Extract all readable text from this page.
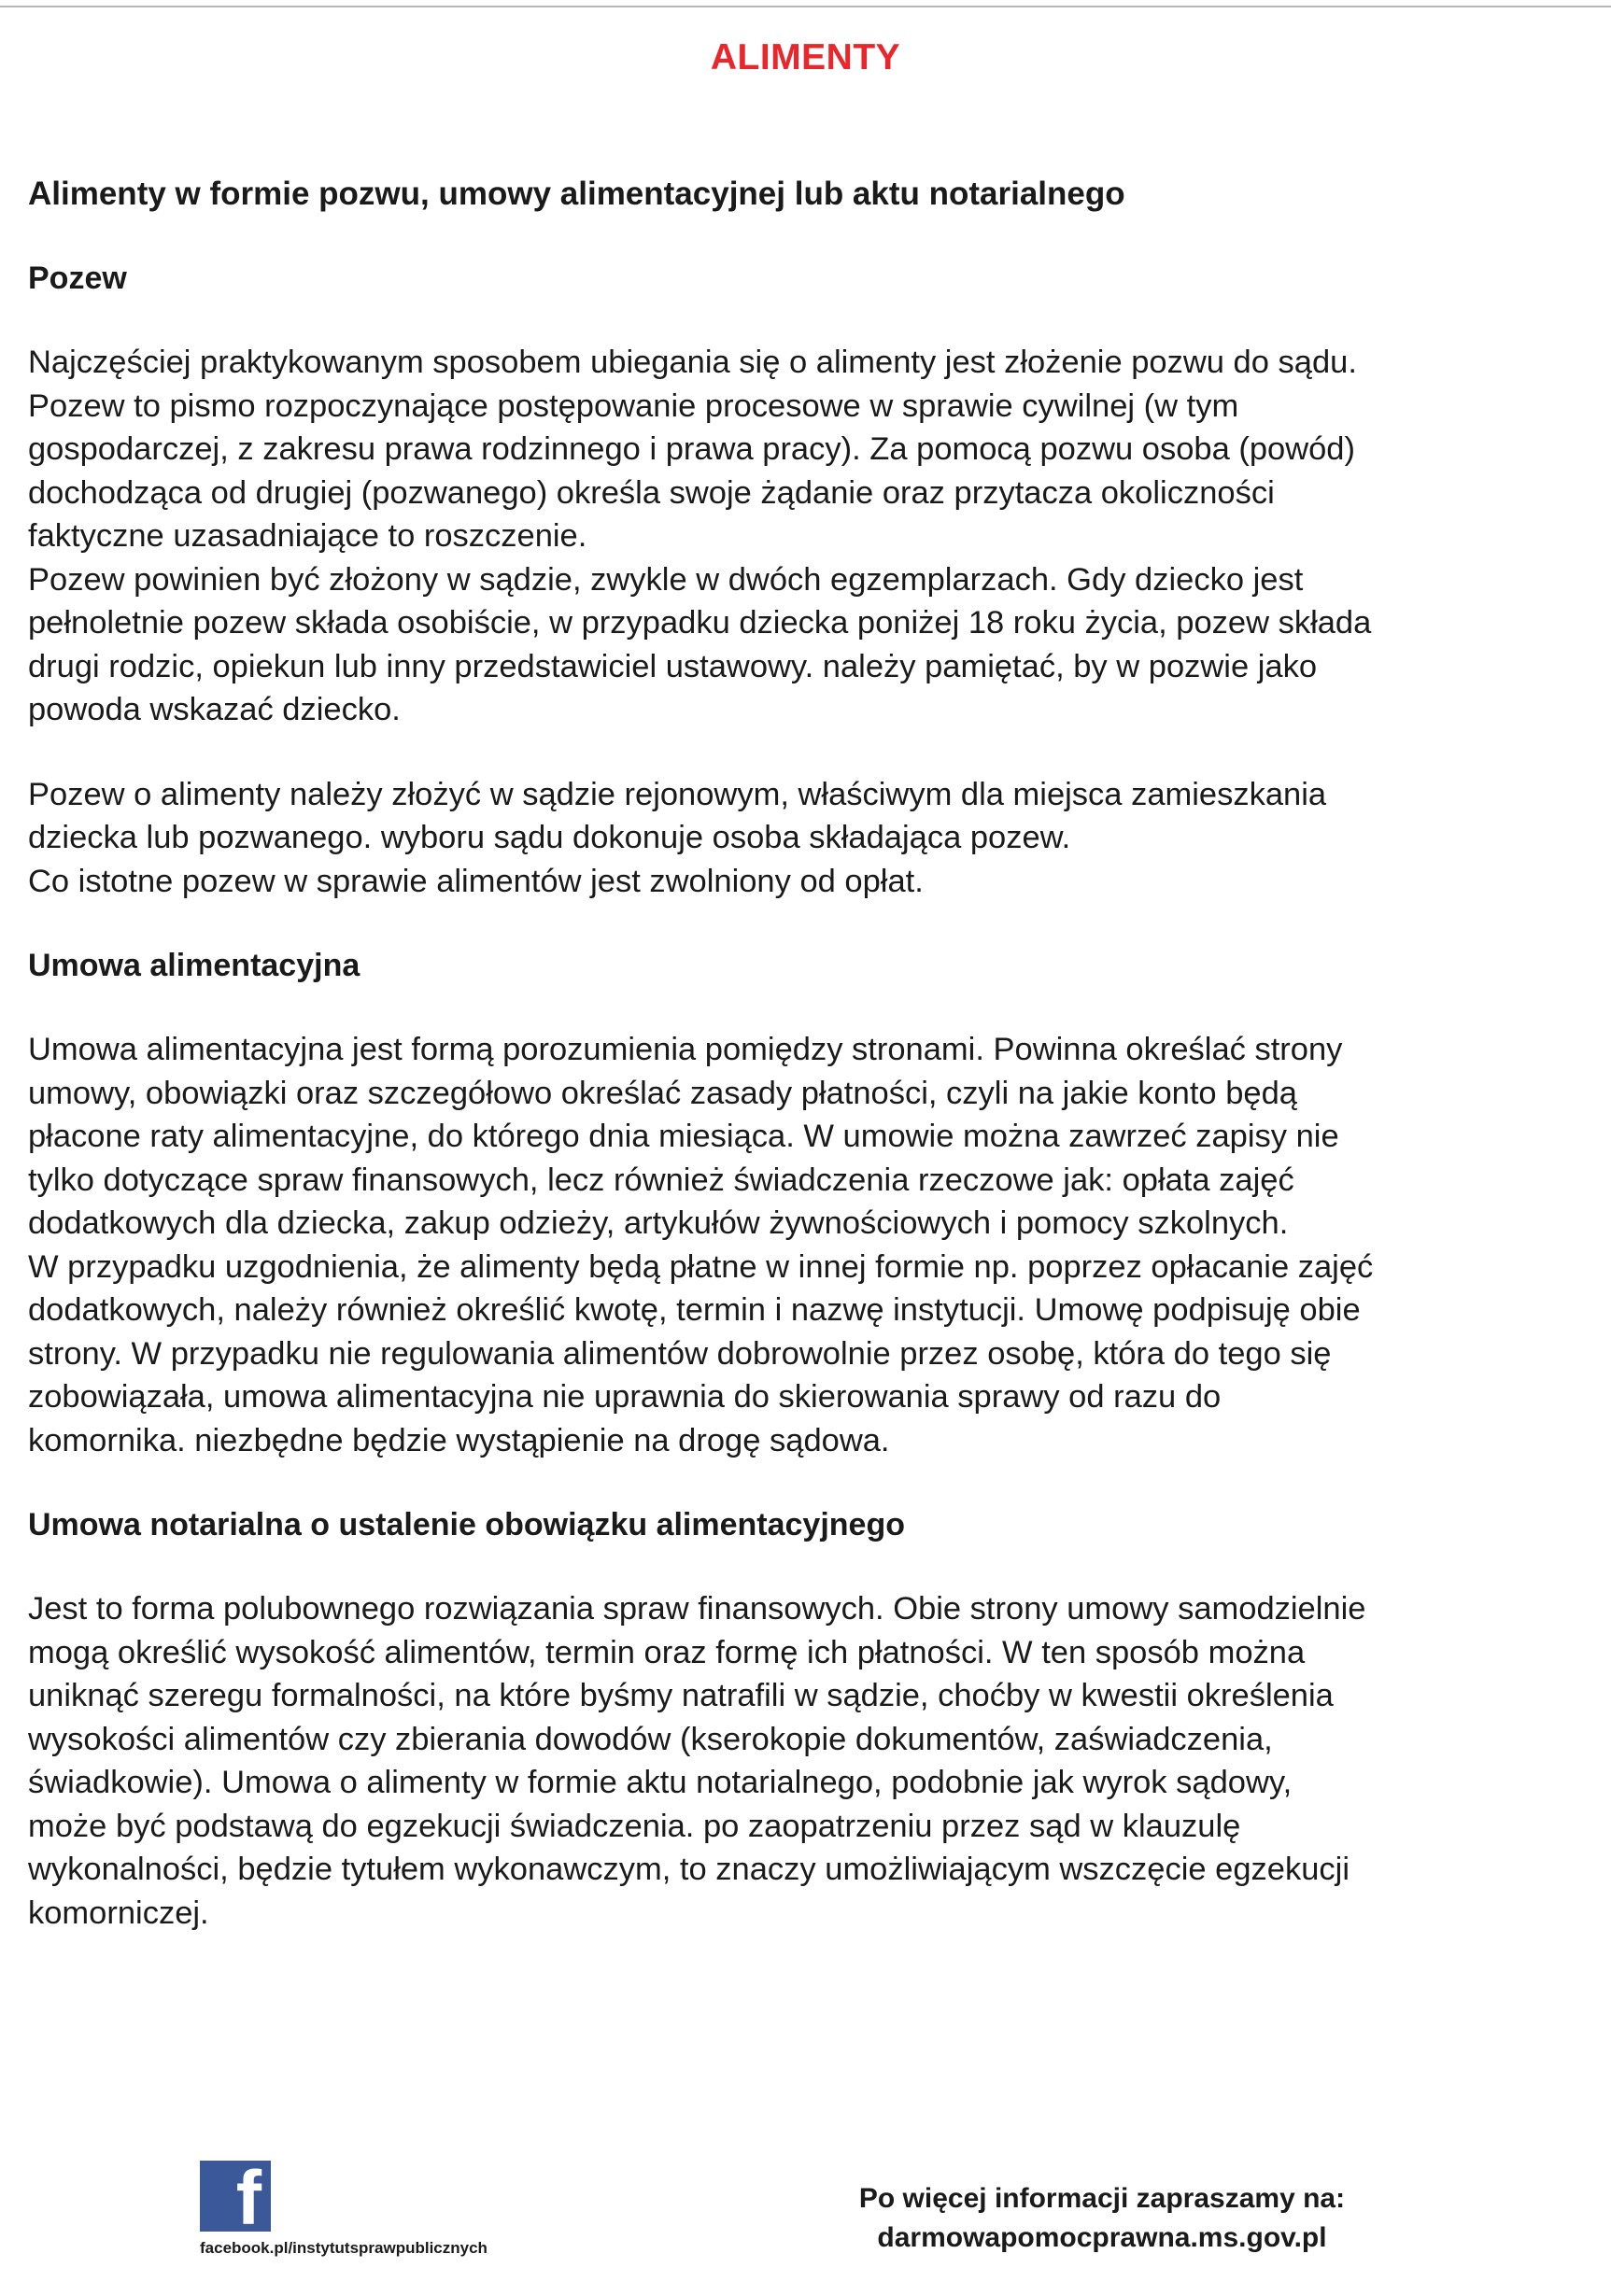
ALIMENTY
Alimenty w formie pozwu, umowy alimentacyjnej lub aktu notarialnego
Pozew
Najczęściej praktykowanym sposobem ubiegania się o alimenty jest złożenie pozwu do sądu.
Pozew to pismo rozpoczynające postępowanie procesowe w sprawie cywilnej (w tym
gospodarczej, z zakresu prawa rodzinnego i prawa pracy). Za pomocą pozwu osoba (powód)
dochodząca od drugiej (pozwanego) określa swoje żądanie oraz przytacza okoliczności
faktyczne uzasadniające to roszczenie.
Pozew powinien być złożony w sądzie, zwykle w dwóch egzemplarzach. Gdy dziecko jest
pełnoletnie pozew składa osobiście, w przypadku dziecka poniżej 18 roku życia, pozew składa
drugi rodzic, opiekun lub inny przedstawiciel ustawowy. należy pamiętać, by w pozwie jako
powoda wskazać dziecko.
Pozew o alimenty należy złożyć w sądzie rejonowym, właściwym dla miejsca zamieszkania
dziecka lub pozwanego. wyboru sądu dokonuje osoba składająca pozew.
Co istotne pozew w sprawie alimentów jest zwolniony od opłat.
Umowa alimentacyjna
Umowa alimentacyjna jest formą porozumienia pomiędzy stronami. Powinna określać strony
umowy, obowiązki oraz szczegółowo określać zasady płatności, czyli na jakie konto będą
płacone raty alimentacyjne, do którego dnia miesiąca. W umowie można zawrzeć zapisy nie
tylko dotyczące spraw finansowych, lecz również świadczenia rzeczowe jak: opłata zajęć
dodatkowych dla dziecka, zakup odzieży, artykułów żywnościowych i pomocy szkolnych.
W przypadku uzgodnienia, że alimenty będą płatne w innej formie np. poprzez opłacanie zajęć
dodatkowych, należy również określić kwotę, termin i nazwę instytucji. Umowę podpisuję obie
strony. W przypadku nie regulowania alimentów dobrowolnie przez osobę, która do tego się
zobowiązała, umowa alimentacyjna nie uprawnia do skierowania sprawy od razu do
komornika. niezbędne będzie wystąpienie na drogę sądowa.
Umowa notarialna o ustalenie obowiązku alimentacyjnego
Jest to forma polubownego rozwiązania spraw finansowych. Obie strony umowy samodzielnie
mogą określić wysokość alimentów, termin oraz formę ich płatności. W ten sposób można
uniknąć szeregu formalności, na które byśmy natrafili w sądzie, choćby w kwestii określenia
wysokości alimentów czy zbierania dowodów (kserokopie dokumentów, zaświadczenia,
świadkowie). Umowa o alimenty w formie aktu notarialnego, podobnie jak wyrok sądowy,
może być podstawą do egzekucji świadczenia. po zaopatrzeniu przez sąd w klauzulę
wykonalności, będzie tytułem wykonawczym, to znaczy umożliwiającym wszczęcie egzekucji
komorniczej.
f
facebook.pl/instytutsprawpublicznych
Po więcej informacji zapraszamy na:
darmowapomocprawna.ms.gov.pl
